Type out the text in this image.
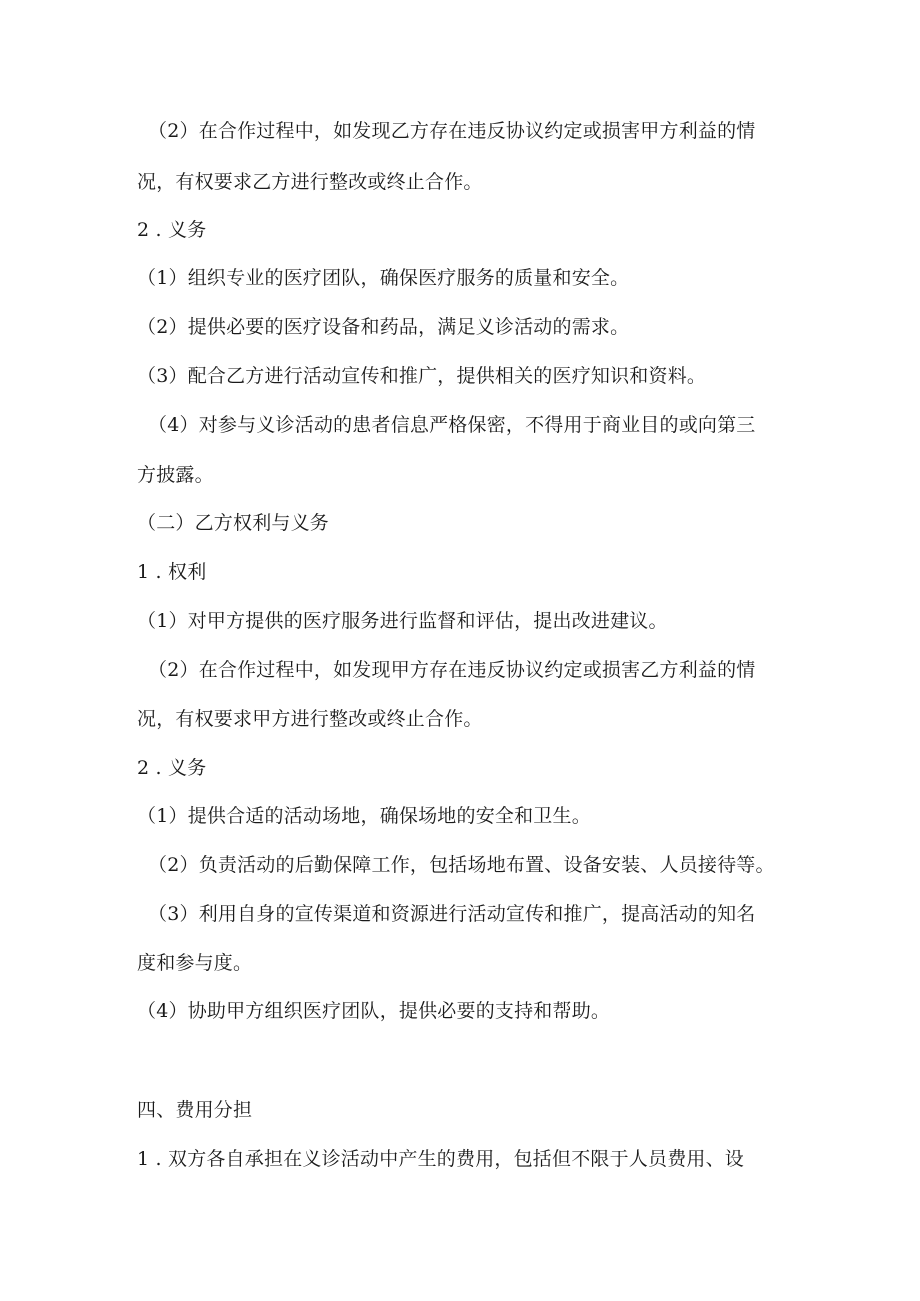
（2）在合作过程中，如发现乙方存在违反协议约定或损害甲方利益的情

况，有权要求乙方进行整改或终止合作。

2 . 义务

（1）组织专业的医疗团队，确保医疗服务的质量和安全。

（2）提供必要的医疗设备和药品，满足义诊活动的需求。

（3）配合乙方进行活动宣传和推广，提供相关的医疗知识和资料。

（4）对参与义诊活动的患者信息严格保密，不得用于商业目的或向第三

方披露。

（二）乙方权利与义务

1 . 权利

（1）对甲方提供的医疗服务进行监督和评估，提出改进建议。

（2）在合作过程中，如发现甲方存在违反协议约定或损害乙方利益的情

况，有权要求甲方进行整改或终止合作。

2 . 义务

（1）提供合适的活动场地，确保场地的安全和卫生。

（2）负责活动的后勤保障工作，包括场地布置、设备安装、人员接待等。

（3）利用自身的宣传渠道和资源进行活动宣传和推广，提高活动的知名

度和参与度。

（4）协助甲方组织医疗团队，提供必要的支持和帮助。

四、费用分担

1 . 双方各自承担在义诊活动中产生的费用，包括但不限于人员费用、设
